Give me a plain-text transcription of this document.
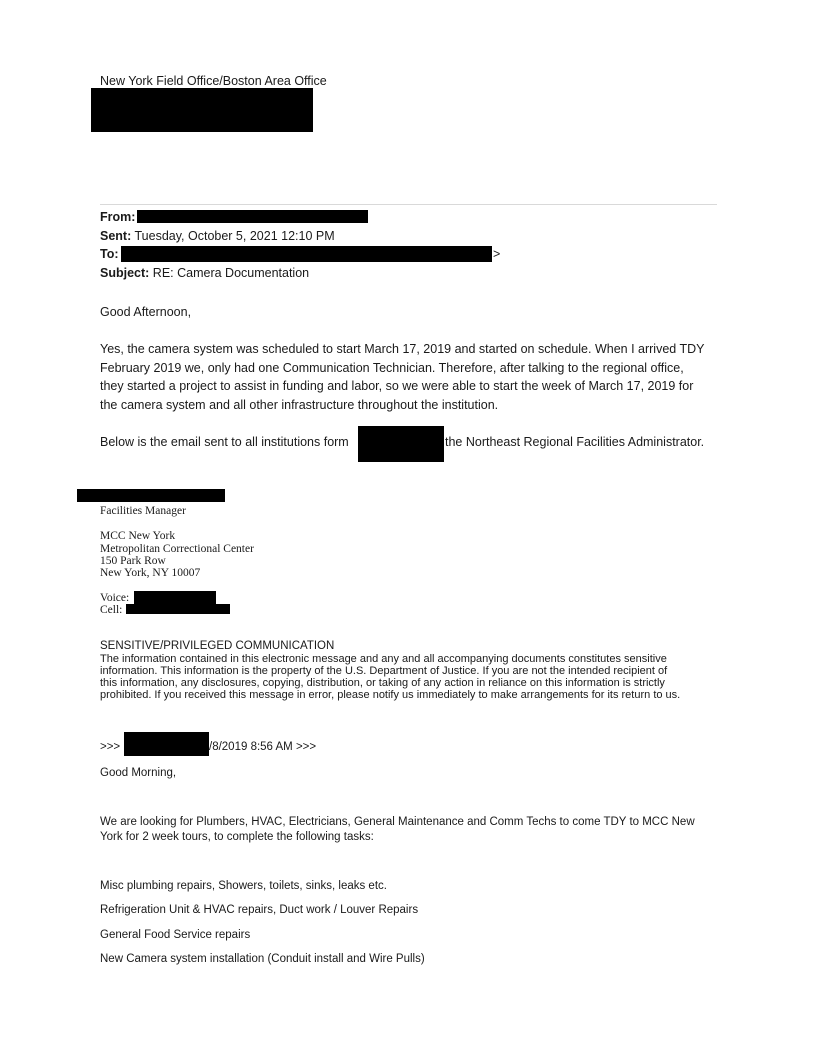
New York Field Office/Boston Area Office
From:
Sent: Tuesday, October 5, 2021 12:10 PM
To:	>
Subject: RE: Camera Documentation
Good Afternoon,
Yes, the camera system was scheduled to start March 17, 2019 and started on schedule. When I arrived TDY
February 2019 we, only had one Communication Technician. Therefore, after talking to the regional office,
they started a project to assist in funding and labor, so we were able to start the week of March 17, 2019 for
the camera system and all other infrastructure throughout the institution.
Below is the email sent to all institutions form	the Northeast Regional Facilities Administrator.
Facilities Manager
MCC New York
Metropolitan Correctional Center
150 Park Row
New York, NY 10007
Voice:
Cell:
SENSITIVE/PRIVILEGED COMMUNICATION
The information contained in this electronic message and any and all accompanying documents constitutes sensitive
information. This information is the property of the U.S. Department of Justice. If you are not the intended recipient of
this information, any disclosures, copying, distribution, or taking of any action in reliance on this information is strictly
prohibited. If you received this message in error, please notify us immediately to make arrangements for its return to us.
>>>	/8/2019 8:56 AM >>>
Good Morning,
We are looking for Plumbers, HVAC, Electricians, General Maintenance and Comm Techs to come TDY to MCC New
York for 2 week tours, to complete the following tasks:
Misc plumbing repairs, Showers, toilets, sinks, leaks etc.
Refrigeration Unit & HVAC repairs, Duct work / Louver Repairs
General Food Service repairs
New Camera system installation (Conduit install and Wire Pulls)
